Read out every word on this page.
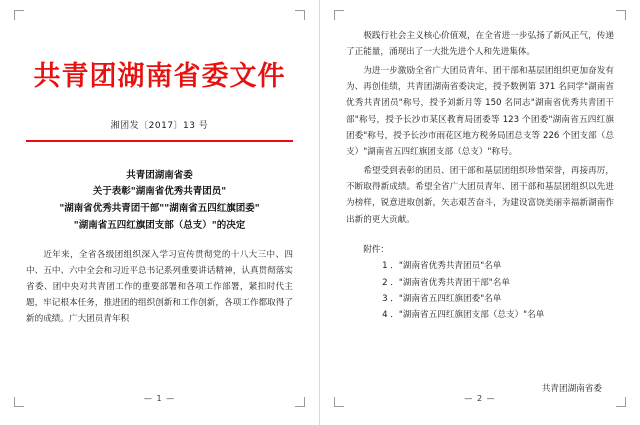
共青团湖南省委文件
湘团发〔2017〕13 号
共青团湖南省委
关于表彰"湖南省优秀共青团员"
"湖南省优秀共青团干部""湖南省五四红旗团委"
"湖南省五四红旗团支部（总支）"的决定
近年来，全省各级团组织深入学习宣传贯彻党的十八大三中、四中、五中、六中全会和习近平总书记系列重要讲话精神，认真贯彻落实省委、团中央对共青团工作的重要部署和各项工作部署，紧扣时代主题，牢记根本任务，推进团的组织创新和工作创新，各项工作都取得了新的成绩。广大团员青年积
— 1 —

极践行社会主义核心价值观，在全省进一步弘扬了新风正气，传递了正能量，涌现出了一大批先进个人和先进集体。

为进一步激励全省广大团员青年、团干部和基层团组织更加奋发有为、再创佳绩，共青团湖南省委决定，授予数例第 371 名同学"湖南省优秀共青团员"称号，授予刘新月等 150 名同志"湖南省优秀共青团干部"称号，授予长沙市某区教育局团委等 123 个团委"湖南省五四红旗团委"称号，授予长沙市雨花区地方税务局团总支等 226 个团支部（总支）"湖南省五四红旗团支部（总支）"称号。

希望受到表彰的团员、团干部和基层团组织珍惜荣誉，再接再厉，不断取得新成绩。希望全省广大团员青年、团干部和基层团组织以先进为榜样，锐意进取创新，矢志艰苦奋斗，为建设富饶美丽幸福新湖南作出新的更大贡献。

附件：
1 ．"湖南省优秀共青团员"名单
2 ．"湖南省优秀共青团干部"名单
3 ．"湖南省五四红旗团委"名单
4 ．"湖南省五四红旗团支部（总支）"名单
共青团湖南省委
— 2 —
